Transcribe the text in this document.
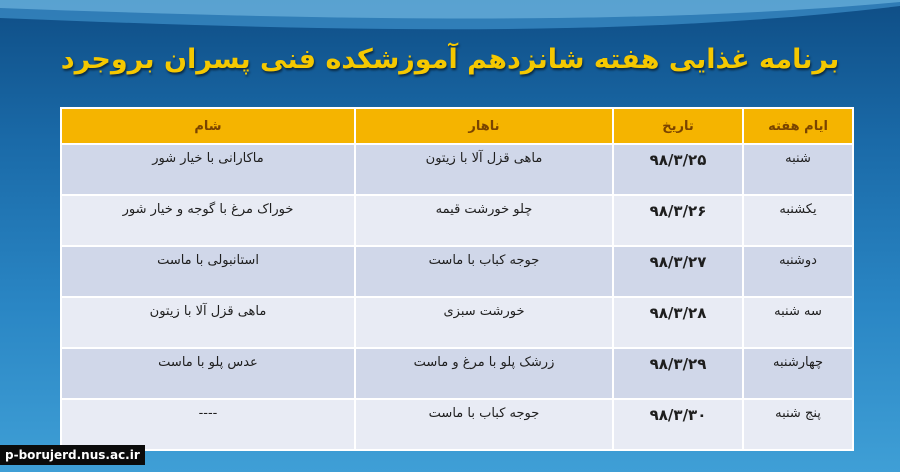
برنامه غذایی هفته شانزدهم آموزشکده فنی پسران بروجرد
ایام هفته	تاریخ	ناهار	شام
شنبه	۹۸/۳/۲۵	ماهی قزل آلا با زیتون	ماکارانی با خیار شور
یکشنبه	۹۸/۳/۲۶	چلو خورشت قیمه	خوراک مرغ با گوجه و خیار شور
دوشنبه	۹۸/۳/۲۷	جوجه کباب با ماست	استانبولی با ماست
سه شنبه	۹۸/۳/۲۸	خورشت سبزی	ماهی قزل آلا با زیتون
چهارشنبه	۹۸/۳/۲۹	زرشک پلو با مرغ و ماست	عدس پلو با ماست
پنج شنبه	۹۸/۳/۳۰	جوجه کباب با ماست	----
p-borujerd.nus.ac.ir
